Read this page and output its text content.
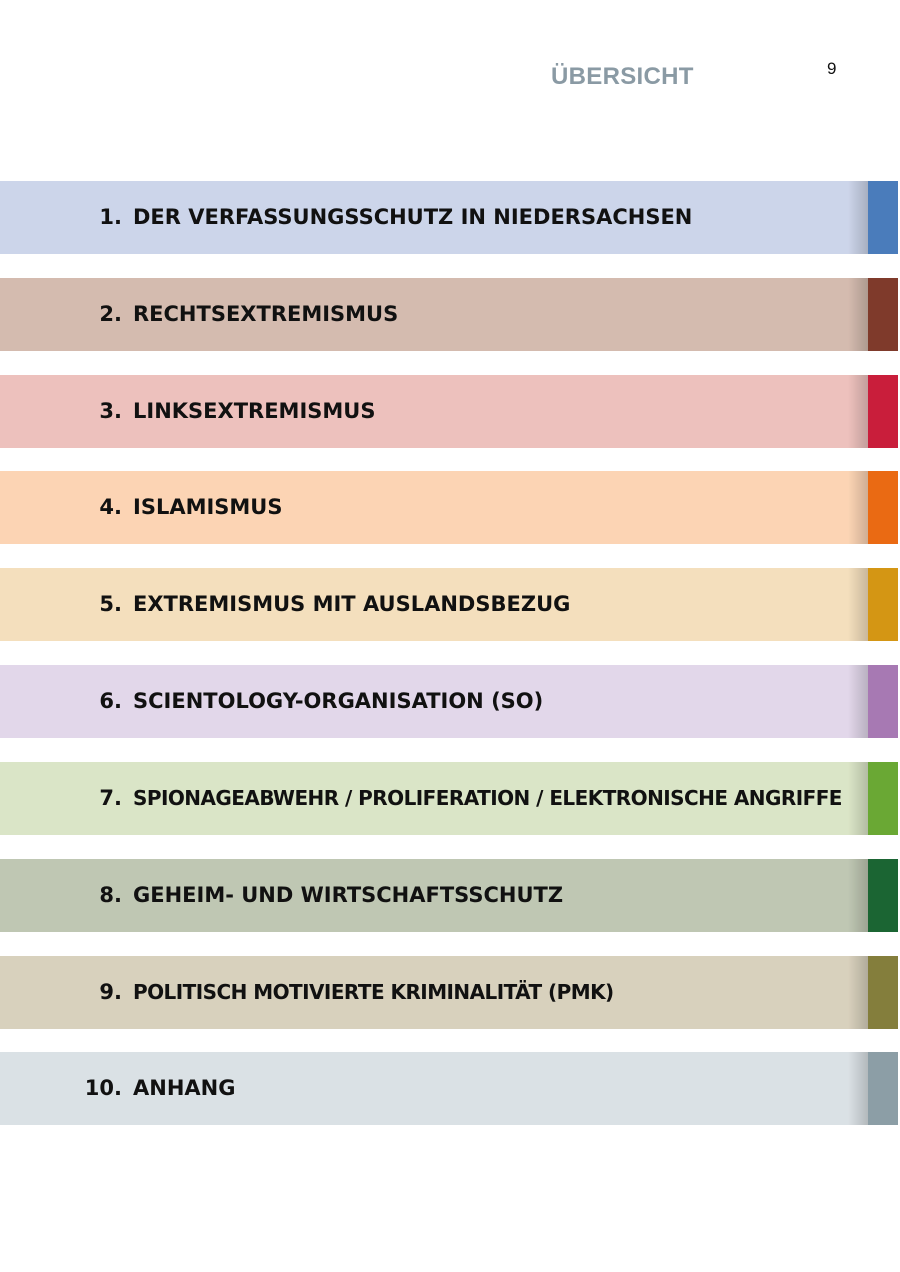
ÜBERSICHT	9
1. DER VERFASSUNGSSCHUTZ IN NIEDERSACHSEN
2. RECHTSEXTREMISMUS
3. LINKSEXTREMISMUS
4. ISLAMISMUS
5. EXTREMISMUS MIT AUSLANDSBEZUG
6. SCIENTOLOGY-ORGANISATION (SO)
7. SPIONAGEABWEHR / PROLIFERATION / ELEKTRONISCHE ANGRIFFE
8. GEHEIM- UND WIRTSCHAFTSSCHUTZ
9. POLITISCH MOTIVIERTE KRIMINALITÄT (PMK)
10. ANHANG
